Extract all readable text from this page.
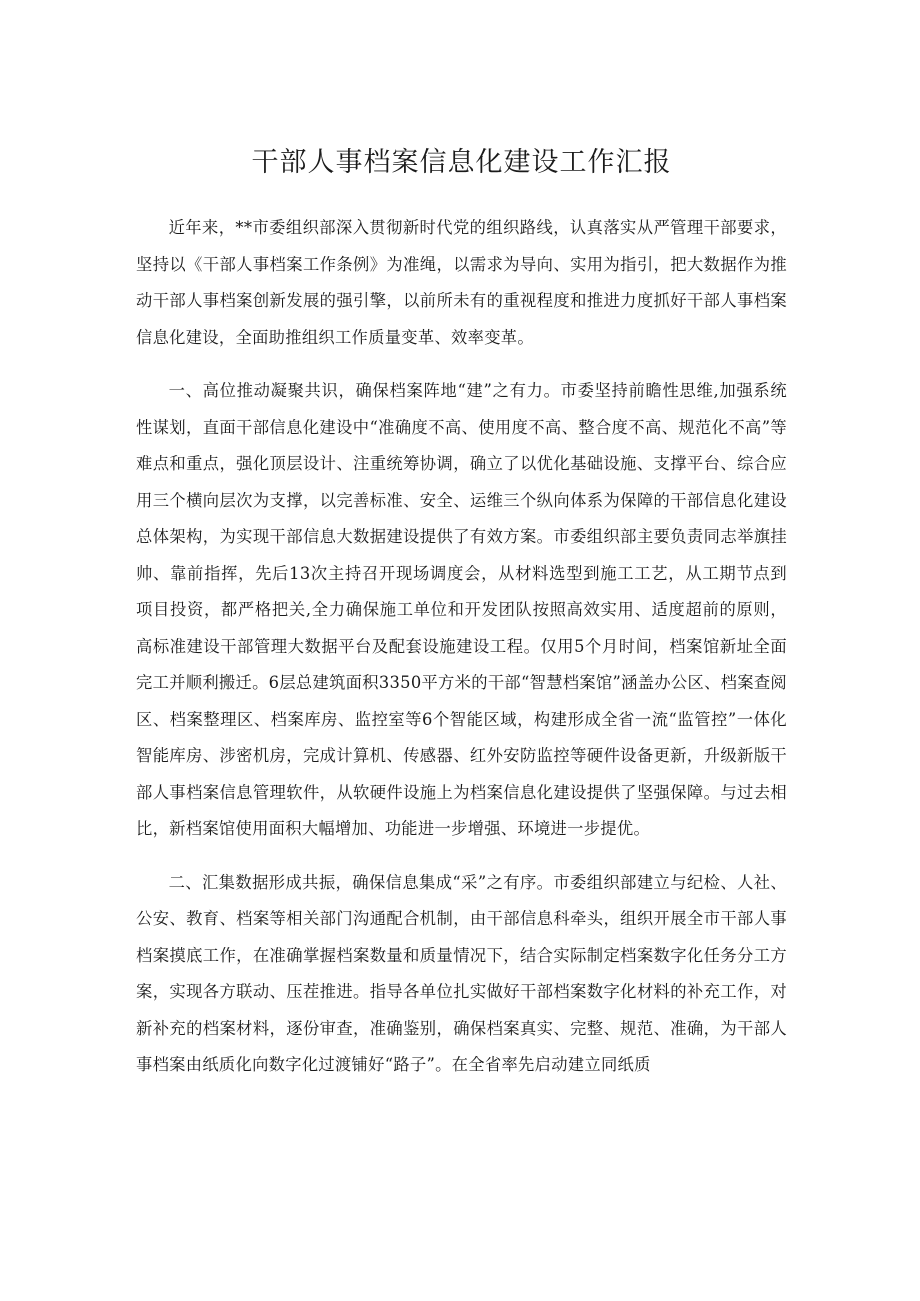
干部人事档案信息化建设工作汇报

近年来，**市委组织部深入贯彻新时代党的组织路线，认真落实从严管理干部要求，坚持以《干部人事档案工作条例》为准绳，以需求为导向、实用为指引，把大数据作为推动干部人事档案创新发展的强引擎，以前所未有的重视程度和推进力度抓好干部人事档案信息化建设，全面助推组织工作质量变革、效率变革。

一、高位推动凝聚共识，确保档案阵地“建”之有力。市委坚持前瞻性思维,加强系统性谋划，直面干部信息化建设中“准确度不高、使用度不高、整合度不高、规范化不高”等难点和重点，强化顶层设计、注重统筹协调，确立了以优化基础设施、支撑平台、综合应用三个横向层次为支撑，以完善标准、安全、运维三个纵向体系为保障的干部信息化建设总体架构，为实现干部信息大数据建设提供了有效方案。市委组织部主要负责同志举旗挂帅、靠前指挥，先后13次主持召开现场调度会，从材料选型到施工工艺，从工期节点到项目投资，都严格把关,全力确保施工单位和开发团队按照高效实用、适度超前的原则，高标准建设干部管理大数据平台及配套设施建设工程。仅用5个月时间，档案馆新址全面完工并顺利搬迁。6层总建筑面积3350平方米的干部“智慧档案馆”涵盖办公区、档案查阅区、档案整理区、档案库房、监控室等6个智能区域，构建形成全省一流“监管控”一体化智能库房、涉密机房，完成计算机、传感器、红外安防监控等硬件设备更新，升级新版干部人事档案信息管理软件，从软硬件设施上为档案信息化建设提供了坚强保障。与过去相比，新档案馆使用面积大幅增加、功能进一步增强、环境进一步提优。

二、汇集数据形成共振，确保信息集成“采”之有序。市委组织部建立与纪检、人社、公安、教育、档案等相关部门沟通配合机制，由干部信息科牵头，组织开展全市干部人事档案摸底工作，在准确掌握档案数量和质量情况下，结合实际制定档案数字化任务分工方案，实现各方联动、压茬推进。指导各单位扎实做好干部档案数字化材料的补充工作，对新补充的档案材料，逐份审查，准确鉴别，确保档案真实、完整、规范、准确，为干部人事档案由纸质化向数字化过渡铺好“路子”。在全省率先启动建立同纸质
